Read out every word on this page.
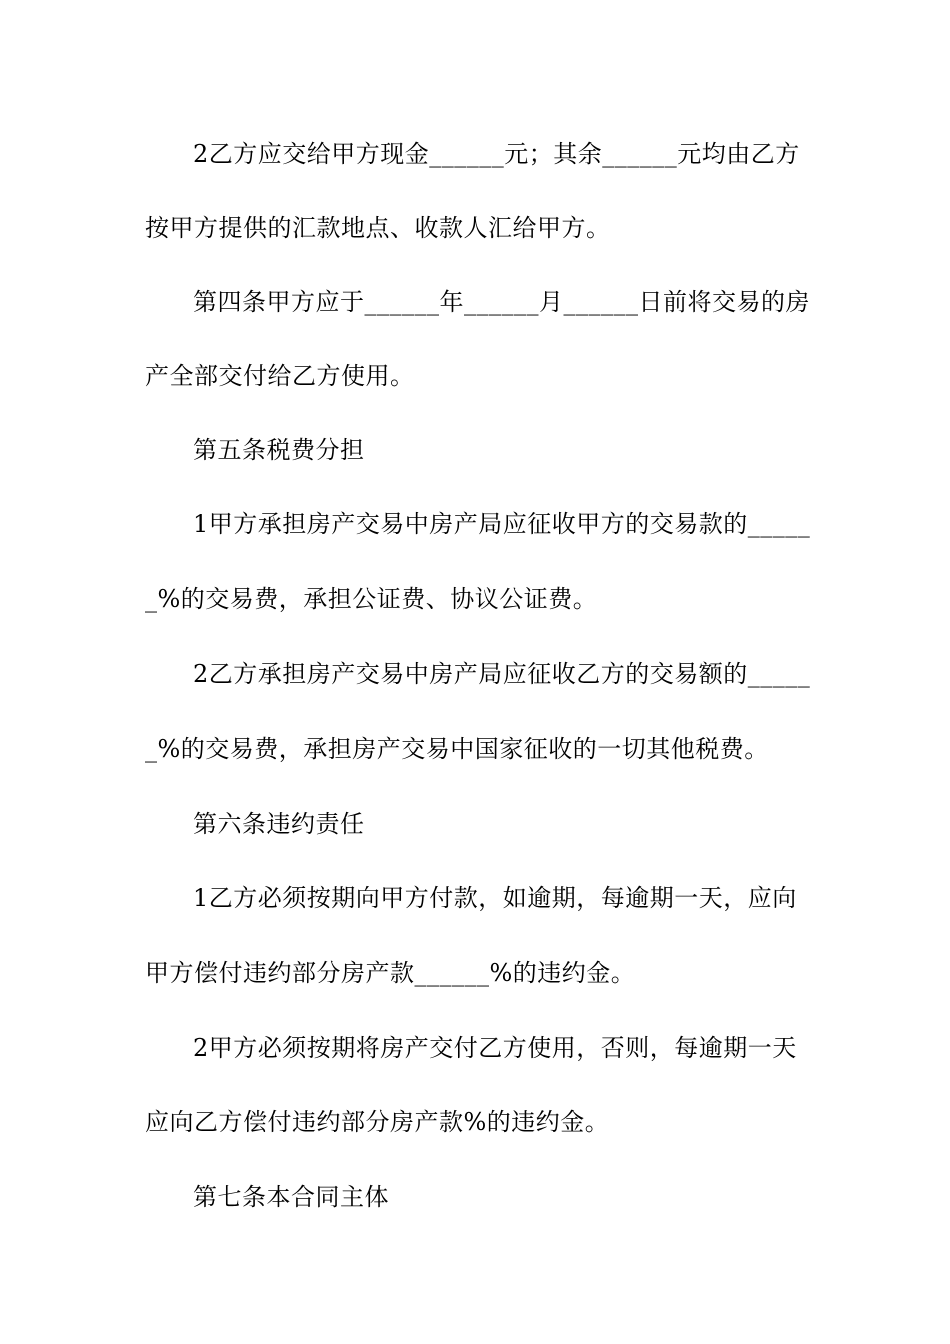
2乙方应交给甲方现金______元；其余______元均由乙方
按甲方提供的汇款地点、收款人汇给甲方。
第四条甲方应于______年______月______日前将交易的房
产全部交付给乙方使用。
第五条税费分担
1甲方承担房产交易中房产局应征收甲方的交易款的_____
_%的交易费，承担公证费、协议公证费。
2乙方承担房产交易中房产局应征收乙方的交易额的_____
_%的交易费，承担房产交易中国家征收的一切其他税费。
第六条违约责任
1乙方必须按期向甲方付款，如逾期，每逾期一天，应向
甲方偿付违约部分房产款______%的违约金。
2甲方必须按期将房产交付乙方使用，否则，每逾期一天
应向乙方偿付违约部分房产款%的违约金。
第七条本合同主体
